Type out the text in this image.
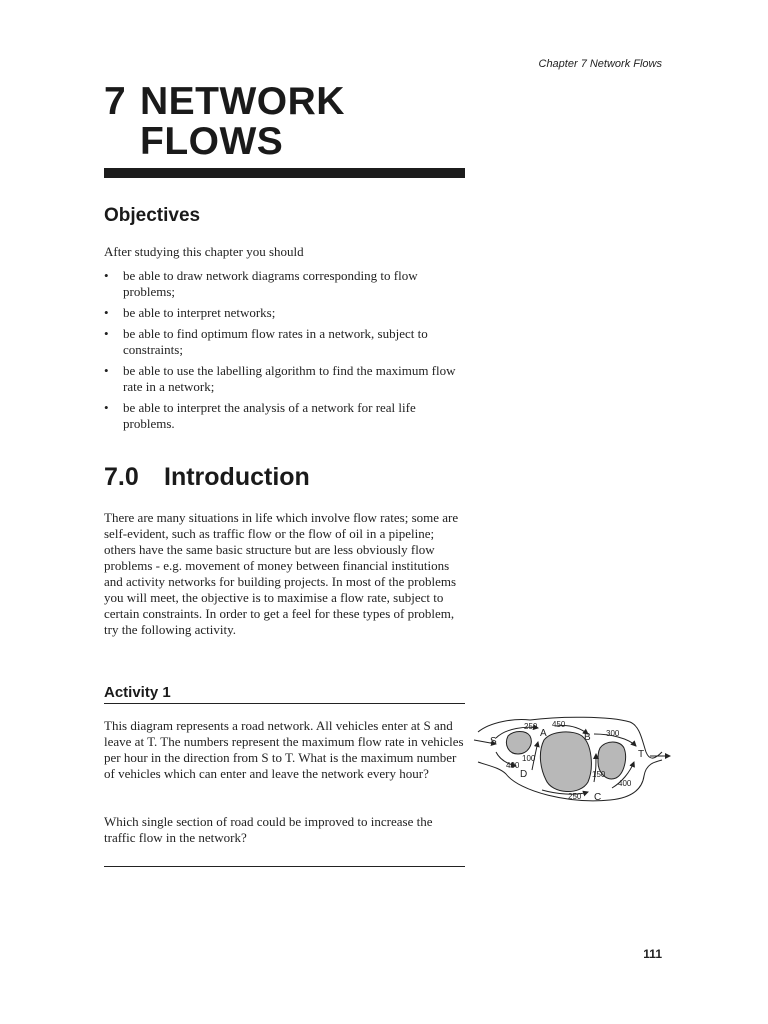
Chapter 7 Network Flows
7 NETWORK
FLOWS
Objectives
After studying this chapter you should
• be able to draw network diagrams corresponding to flow problems;
• be able to interpret networks;
• be able to find optimum flow rates in a network, subject to constraints;
• be able to use the labelling algorithm to find the maximum flow rate in a network;
• be able to interpret the analysis of a network for real life problems.
7.0 Introduction

There are many situations in life which involve flow rates; some are self-evident, such as traffic flow or the flow of oil in a pipeline; others have the same basic structure but are less obviously flow problems - e.g. movement of money between financial institutions and activity networks for building projects. In most of the problems you will meet, the objective is to maximise a flow rate, subject to certain constraints. In order to get a feel for these types of problem, try the following activity.

Activity 1

This diagram represents a road network. All vehicles enter at S and leave at T. The numbers represent the maximum flow rate in vehicles per hour in the direction from S to T. What is the maximum number of vehicles which can enter and leave the network every hour?

Which single section of road could be improved to increase the traffic flow in the network?

S
A	B
T
D
C
250 450
300
400
100
250
150
400
111
